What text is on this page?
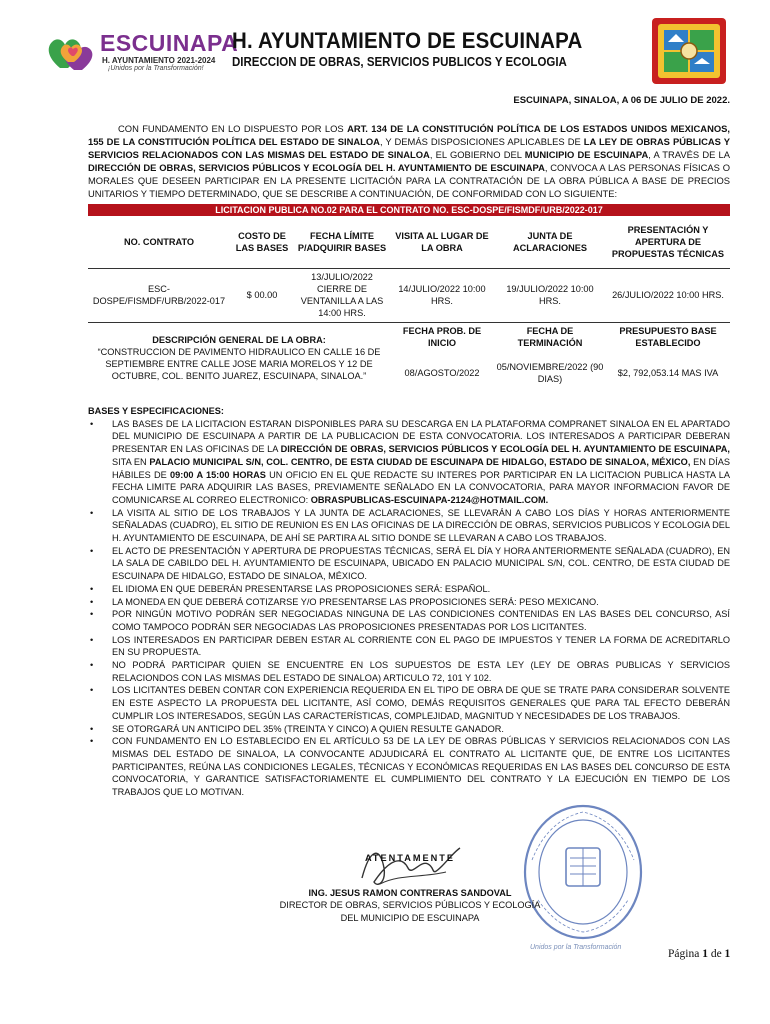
ESCUINAPA
H. AYUNTAMIENTO 2021-2024
¡Unidos por la Transformación!
H. AYUNTAMIENTO DE ESCUINAPA
DIRECCION DE OBRAS, SERVICIOS PUBLICOS Y ECOLOGIA
ESCUINAPA, SINALOA, A 06 DE JULIO DE 2022.

CON FUNDAMENTO EN LO DISPUESTO POR LOS ART. 134 DE LA CONSTITUCIÓN POLÍTICA DE LOS ESTADOS UNIDOS MEXICANOS, 155 DE LA CONSTITUCIÓN POLÍTICA DEL ESTADO DE SINALOA, Y DEMÁS DISPOSICIONES APLICABLES DE LA LEY DE OBRAS PÚBLICAS Y SERVICIOS RELACIONADOS CON LAS MISMAS DEL ESTADO DE SINALOA, EL GOBIERNO DEL MUNICIPIO DE ESCUINAPA, A TRAVÉS DE LA DIRECCIÓN DE OBRAS, SERVICIOS PÚBLICOS Y ECOLOGÍA DEL H. AYUNTAMIENTO DE ESCUINAPA, CONVOCA A LAS PERSONAS FÍSICAS O MORALES QUE DESEEN PARTICIPAR EN LA PRESENTE LICITACIÓN PARA LA CONTRATACIÓN DE LA OBRA PÚBLICA A BASE DE PRECIOS UNITARIOS Y TIEMPO DETERMINADO, QUE SE DESCRIBE A CONTINUACIÓN, DE CONFORMIDAD CON LO SIGUIENTE:

LICITACION PUBLICA NO.02 PARA EL CONTRATO NO. ESC-DOSPE/FISMDF/URB/2022-017
NO. CONTRATO	COSTO DE LAS BASES	FECHA LÍMITE P/ADQUIRIR BASES	VISITA AL LUGAR DE LA OBRA	JUNTA DE ACLARACIONES	PRESENTACIÓN Y APERTURA DE PROPUESTAS TÉCNICAS
ESC-DOSPE/FISMDF/URB/2022-017	$ 00.00	13/JULIO/2022 CIERRE DE VENTANILLA A LAS 14:00 HRS.	14/JULIO/2022 10:00 HRS.	19/JULIO/2022 10:00 HRS.	26/JULIO/2022 10:00 HRS.

DESCRIPCIÓN GENERAL DE LA OBRA:
“CONSTRUCCION DE PAVIMENTO HIDRAULICO EN CALLE 16 DE SEPTIEMBRE ENTRE CALLE JOSE MARIA MORELOS Y 12 DE OCTUBRE, COL. BENITO JUAREZ, ESCUINAPA, SINALOA.”			FECHA PROB. DE INICIO	FECHA DE TERMINACIÓN	PRESUPUESTO BASE ESTABLECIDO
			08/AGOSTO/2022	05/NOVIEMBRE/2022 (90 DIAS)	$2, 792,053.14 MAS IVA
BASES Y ESPECIFICACIONES:
• LAS BASES DE LA LICITACION ESTARAN DISPONIBLES PARA SU DESCARGA EN LA PLATAFORMA COMPRANET SINALOA EN EL APARTADO DEL MUNICIPIO DE ESCUINAPA A PARTIR DE LA PUBLICACION DE ESTA CONVOCATORIA. LOS INTERESADOS A PARTICIPAR DEBERAN PRESENTAR EN LAS OFICINAS DE LA DIRECCIÓN DE OBRAS, SERVICIOS PÚBLICOS Y ECOLOGÍA DEL H. AYUNTAMIENTO DE ESCUINAPA, SITA EN PALACIO MUNICIPAL S/N, COL. CENTRO, DE ESTA CIUDAD DE ESCUINAPA DE HIDALGO, ESTADO DE SINALOA, MÉXICO, EN DÍAS HÁBILES DE 09:00 A 15:00 HORAS UN OFICIO EN EL QUE REDACTE SU INTERES POR PARTICIPAR EN LA LICITACION PUBLICA HASTA LA FECHA LIMITE PARA ADQUIRIR LAS BASES, PREVIAMENTE SEÑALADO EN LA CONVOCATORIA, PARA MAYOR INFORMACION FAVOR DE COMUNICARSE AL CORREO ELECTRONICO: OBRASPUBLICAS-ESCUINAPA-2124@HOTMAIL.COM.
• LA VISITA AL SITIO DE LOS TRABAJOS Y LA JUNTA DE ACLARACIONES, SE LLEVARÁN A CABO LOS DÍAS Y HORAS ANTERIORMENTE SEÑALADAS (CUADRO), EL SITIO DE REUNION ES EN LAS OFICINAS DE LA DIRECCIÓN DE OBRAS, SERVICIOS PUBLICOS Y ECOLOGIA DEL H. AYUNTAMIENTO DE ESCUINAPA, DE AHÍ SE PARTIRA AL SITIO DONDE SE LLEVARAN A CABO LOS TRABAJOS.
• EL ACTO DE PRESENTACIÓN Y APERTURA DE PROPUESTAS TÉCNICAS, SERÁ EL DÍA Y HORA ANTERIORMENTE SEÑALADA (CUADRO), EN LA SALA DE CABILDO DEL H. AYUNTAMIENTO DE ESCUINAPA, UBICADO EN PALACIO MUNICIPAL S/N, COL. CENTRO, DE ESTA CIUDAD DE ESCUINAPA DE HIDALGO, ESTADO DE SINALOA, MÉXICO.
• EL IDIOMA EN QUE DEBERÁN PRESENTARSE LAS PROPOSICIONES SERÁ: ESPAÑOL.
• LA MONEDA EN QUE DEBERÁ COTIZARSE Y/O PRESENTARSE LAS PROPOSICIONES SERÁ: PESO MEXICANO.
• POR NINGÚN MOTIVO PODRÁN SER NEGOCIADAS NINGUNA DE LAS CONDICIONES CONTENIDAS EN LAS BASES DEL CONCURSO, ASÍ COMO TAMPOCO PODRÁN SER NEGOCIADAS LAS PROPOSICIONES PRESENTADAS POR LOS LICITANTES.
• LOS INTERESADOS EN PARTICIPAR DEBEN ESTAR AL CORRIENTE CON EL PAGO DE IMPUESTOS Y TENER LA FORMA DE ACREDITARLO EN SU PROPUESTA.
• NO PODRÁ PARTICIPAR QUIEN SE ENCUENTRE EN LOS SUPUESTOS DE ESTA LEY (LEY DE OBRAS PUBLICAS Y SERVICIOS RELACIONDOS CON LAS MISMAS DEL ESTADO DE SINALOA) ARTICULO 72, 101 Y 102.
• LOS LICITANTES DEBEN CONTAR CON EXPERIENCIA REQUERIDA EN EL TIPO DE OBRA DE QUE SE TRATE PARA CONSIDERAR SOLVENTE EN ESTE ASPECTO LA PROPUESTA DEL LICITANTE, ASÍ COMO, DEMÁS REQUISITOS GENERALES QUE PARA TAL EFECTO DEBERÁN CUMPLIR LOS INTERESADOS, SEGÚN LAS CARACTERÍSTICAS, COMPLEJIDAD, MAGNITUD Y NECESIDADES DE LOS TRABAJOS.
• SE OTORGARÁ UN ANTICIPO DEL 35% (TREINTA Y CINCO) A QUIEN RESULTE GANADOR.
• CON FUNDAMENTO EN LO ESTABLECIDO EN EL ARTÍCULO 53 DE LA LEY DE OBRAS PÚBLICAS Y SERVICIOS RELACIONADOS CON LAS MISMAS DEL ESTADO DE SINALOA, LA CONVOCANTE ADJUDICARÁ EL CONTRATO AL LICITANTE QUE, DE ENTRE LOS LICITANTES PARTICIPANTES, REÚNA LAS CONDICIONES LEGALES, TÉCNICAS Y ECONÓMICAS REQUERIDAS EN LAS BASES DEL CONCURSO DE ESTA CONVOCATORIA, Y GARANTICE SATISFACTORIAMENTE EL CUMPLIMIENTO DEL CONTRATO Y LA EJECUCIÓN EN TIEMPO DE LOS TRABAJOS QUE LO MOTIVAN.
Unidos por la Transformación
ATENTAMENTE
ING. JESUS RAMON CONTRERAS SANDOVAL
DIRECTOR DE OBRAS, SERVICIOS PÚBLICOS Y ECOLOGÍA
DEL MUNICIPIO DE ESCUINAPA
Página 1 de 1
